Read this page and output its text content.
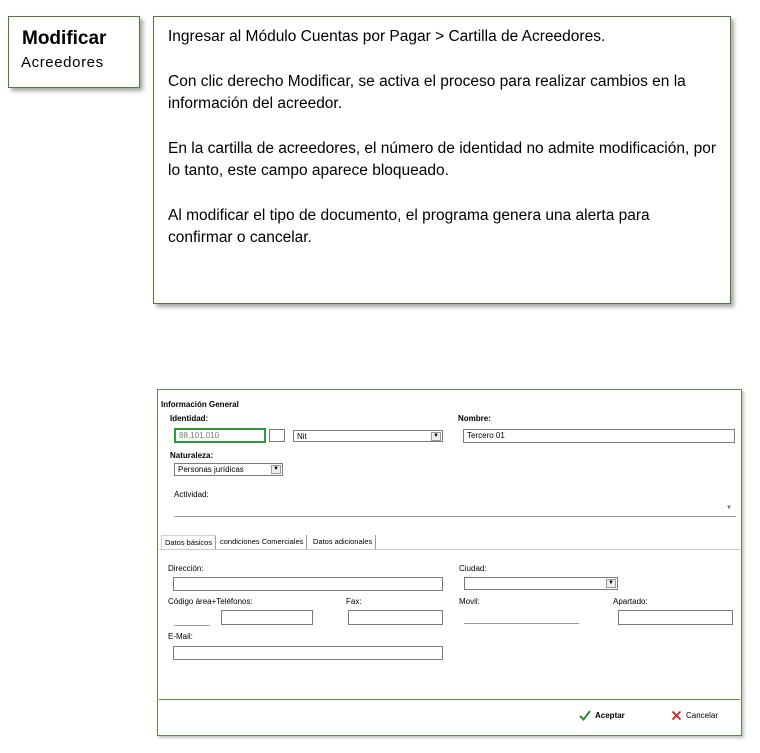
Modificar
Acreedores

Ingresar al Módulo Cuentas por Pagar > Cartilla de Acreedores.

Con clic derecho Modificar, se activa el proceso para realizar cambios en la información del acreedor.

En la cartilla de acreedores, el número de identidad no admite modificación, por lo tanto, este campo aparece bloqueado.

Al modificar el tipo de documento, el programa genera una alerta para confirmar o cancelar.

Información General
Identidad:
88,101,010	Nit	▼
Nombre:
Tercero 01
Naturaleza:
Personas jurídicas	▼
Actividad:
▼
Datos básicos	condiciones Comerciales	Datos adicionales
Dirección:	Ciudad:
▼
Código área+Teléfonos:	Fax:	Movil:	Apartado:
E-Mail:
Aceptar	Cancelar
